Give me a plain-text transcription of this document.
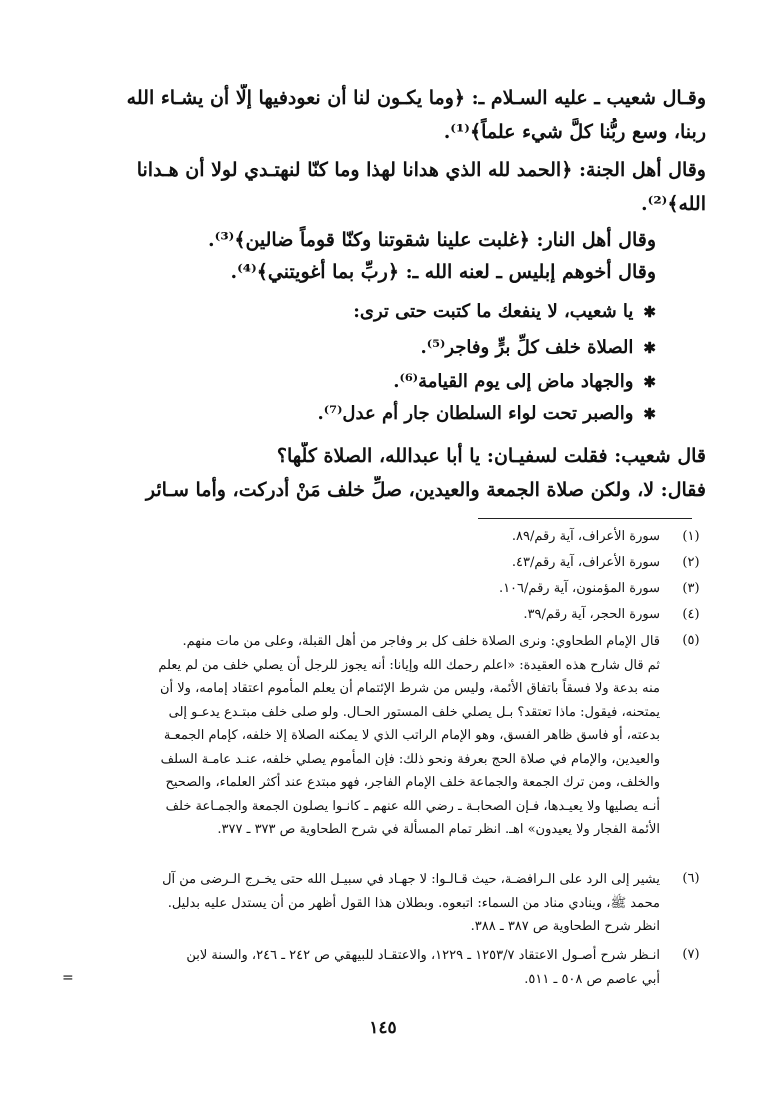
وقـال شعيب ـ عليه السـلام ـ: ﴿وما يكـون لنا أن نعودفيها إلَّا أن يشـاء الله
ربنا، وسع ربُّنا كلَّ شيء علماً﴾⁽¹⁾.
وقال أهل الجنة: ﴿الحمد لله الذي هدانا لهذا وما كنّا لنهتـدي لولا أن هـدانا
الله﴾⁽²⁾.
وقال أهل النار: ﴿غلبت علينا شقوتنا وكنّا قوماً ضالين﴾⁽³⁾.
وقال أخوهم إبليس ـ لعنه الله ـ: ﴿ربِّ بما أغويتني﴾⁽⁴⁾.
✱يا شعيب، لا ينفعك ما كتبت حتى ترى:
✱الصلاة خلف كلِّ برٍّ وفاجر⁽⁵⁾.
✱والجهاد ماض إلى يوم القيامة⁽⁶⁾.
✱والصبر تحت لواء السلطان جار أم عدل⁽⁷⁾.
قال شعيب: فقلت لسفيـان: يا أبا عبدالله، الصلاة كلّها؟
فقال: لا، ولكن صلاة الجمعة والعيدين، صلِّ خلف مَنْ أدركت، وأما سـائر
(١)
سورة الأعراف، آية رقم/٨٩.
(٢)
سورة الأعراف، آية رقم/٤٣.
(٣)
سورة المؤمنون، آية رقم/١٠٦.
(٤)
سورة الحجر، آية رقم/٣٩.
(٥)
قال الإمام الطحاوي: ونرى الصلاة خلف كل بر وفاجر من أهل القبلة، وعلى من مات منهم.
ثم قال شارح هذه العقيدة: «اعلم رحمك الله وإيانا: أنه يجوز للرجل أن يصلي خلف من لم يعلم
منه بدعة ولا فسقاً باتفاق الأئمة، وليس من شرط الإئتمام أن يعلم المأموم اعتقاد إمامه، ولا أن
يمتحنه، فيقول: ماذا تعتقد؟ بـل يصلي خلف المستور الحـال. ولو صلى خلف مبتـدع يدعـو إلى
بدعته، أو فاسق ظاهر الفسق، وهو الإمام الراتب الذي لا يمكنه الصلاة إلا خلفه، كإمام الجمعـة
والعيدين، والإمام في صلاة الحج بعرفة ونحو ذلك: فإن المأموم يصلي خلفه، عنـد عامـة السلف
والخلف، ومن ترك الجمعة والجماعة خلف الإمام الفاجر، فهو مبتدع عند أكثر العلماء، والصحيح
أنـه يصليها ولا يعيـدها، فـإن الصحابـة ـ رضي الله عنهم ـ كانـوا يصلون الجمعة والجمـاعة خلف
الأئمة الفجار ولا يعيدون» اهـ. انظر تمام المسألة في شرح الطحاوية ص ٣٧٣ ـ ٣٧٧.
(٦)
يشير إلى الرد على الـرافضـة، حيث قـالـوا: لا جهـاد في سبيـل الله حتى يخـرج الـرضى من آل
محمد ﷺ، وينادي مناد من السماء: اتبعوه. وبطلان هذا القول أظهر من أن يستدل عليه بدليل.
انظر شرح الطحاوية ص ٣٨٧ ـ ٣٨٨.
(٧)
انـظر شرح أصـول الاعتقاد ١٢٥٣/٧ ـ ١٢٢٩، والاعتقـاد للبيهقي ص ٢٤٢ ـ ٢٤٦، والسنة لابن
أبي عاصم ص ٥٠٨ ـ ٥١١.
=
١٤٥
